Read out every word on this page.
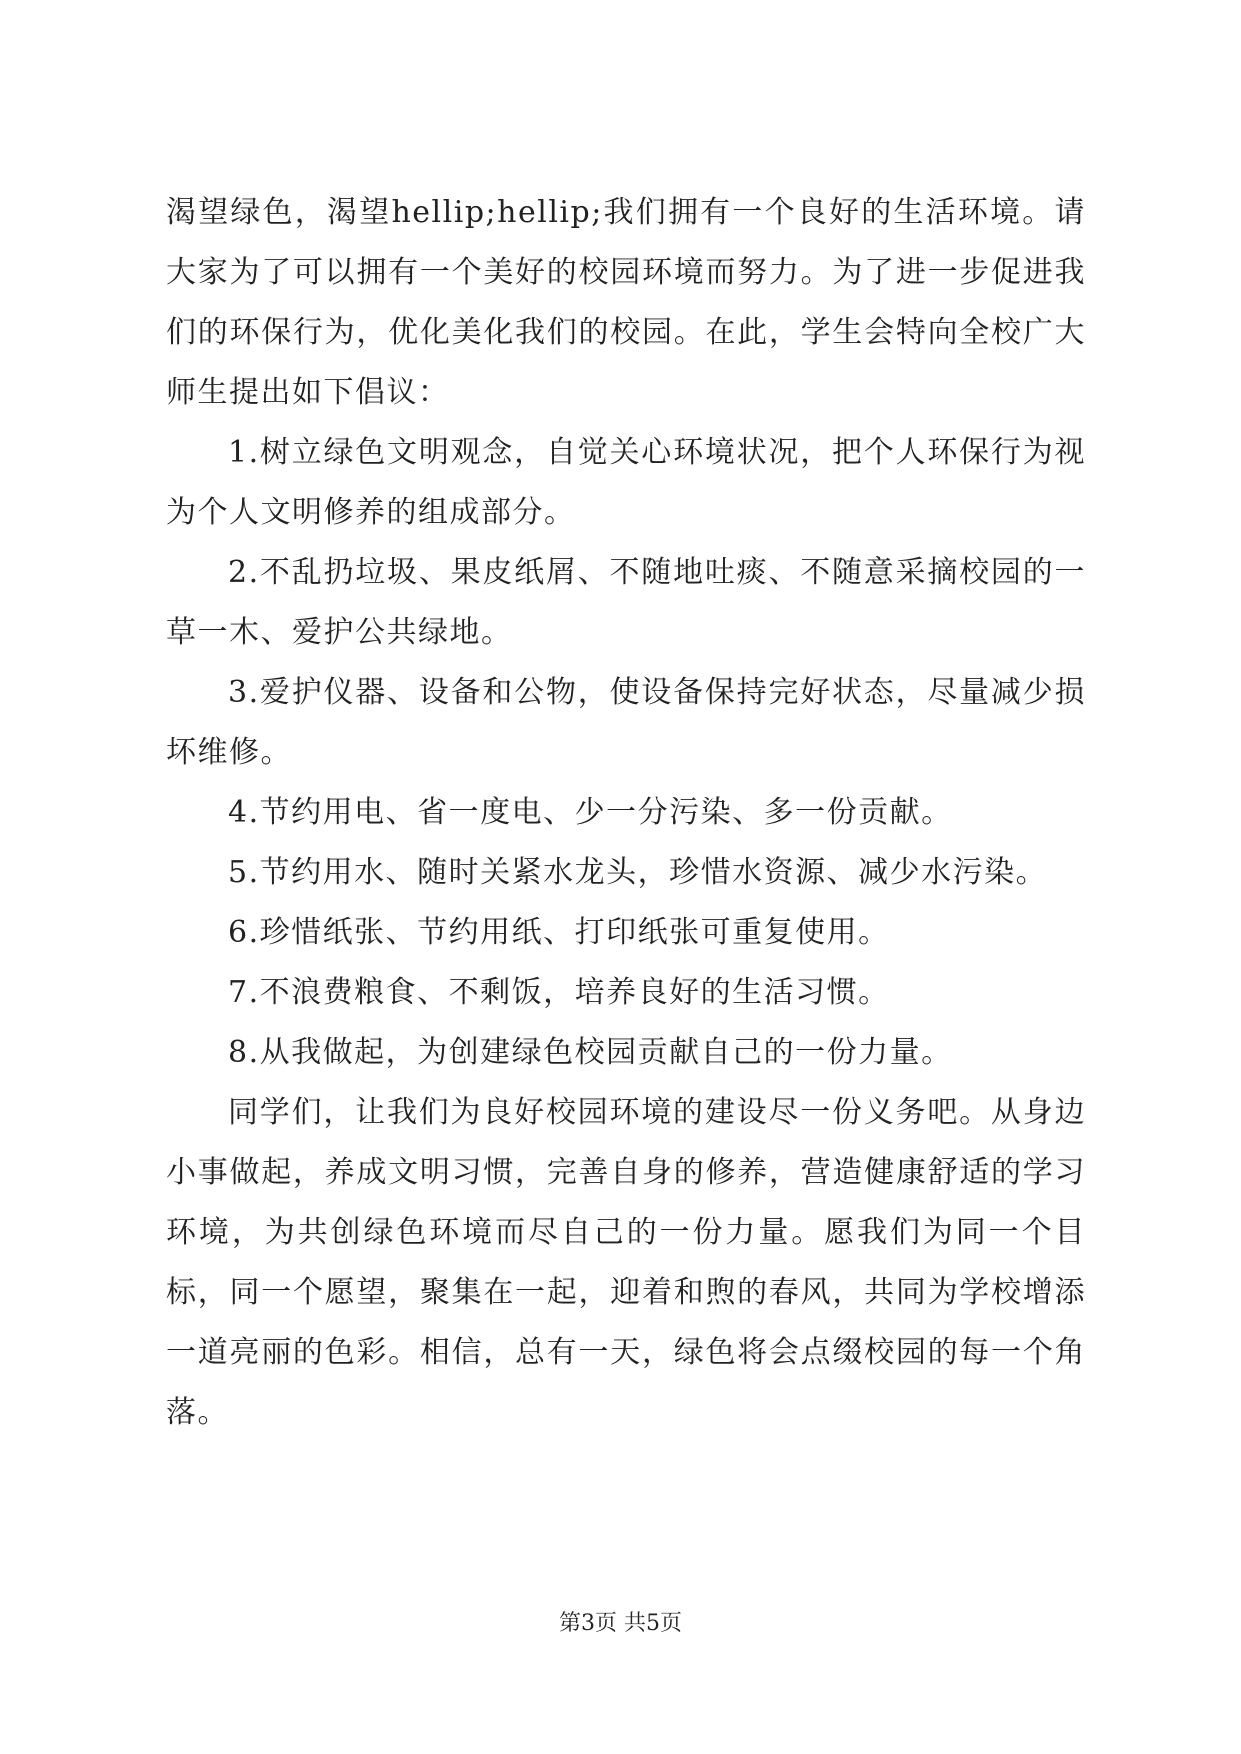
渴望绿色，渴望hellip;hellip;我们拥有一个良好的生活环境。请大家为了可以拥有一个美好的校园环境而努力。为了进一步促进我们的环保行为，优化美化我们的校园。在此，学生会特向全校广大师生提出如下倡议：

1.树立绿色文明观念，自觉关心环境状况，把个人环保行为视为个人文明修养的组成部分。

2.不乱扔垃圾、果皮纸屑、不随地吐痰、不随意采摘校园的一草一木、爱护公共绿地。

3.爱护仪器、设备和公物，使设备保持完好状态，尽量减少损坏维修。

4.节约用电、省一度电、少一分污染、多一份贡献。

5.节约用水、随时关紧水龙头，珍惜水资源、减少水污染。

6.珍惜纸张、节约用纸、打印纸张可重复使用。

7.不浪费粮食、不剩饭，培养良好的生活习惯。

8.从我做起，为创建绿色校园贡献自己的一份力量。

同学们，让我们为良好校园环境的建设尽一份义务吧。从身边小事做起，养成文明习惯，完善自身的修养，营造健康舒适的学习环境，为共创绿色环境而尽自己的一份力量。愿我们为同一个目标，同一个愿望，聚集在一起，迎着和煦的春风，共同为学校增添一道亮丽的色彩。相信，总有一天，绿色将会点缀校园的每一个角落。

第3页 共5页
